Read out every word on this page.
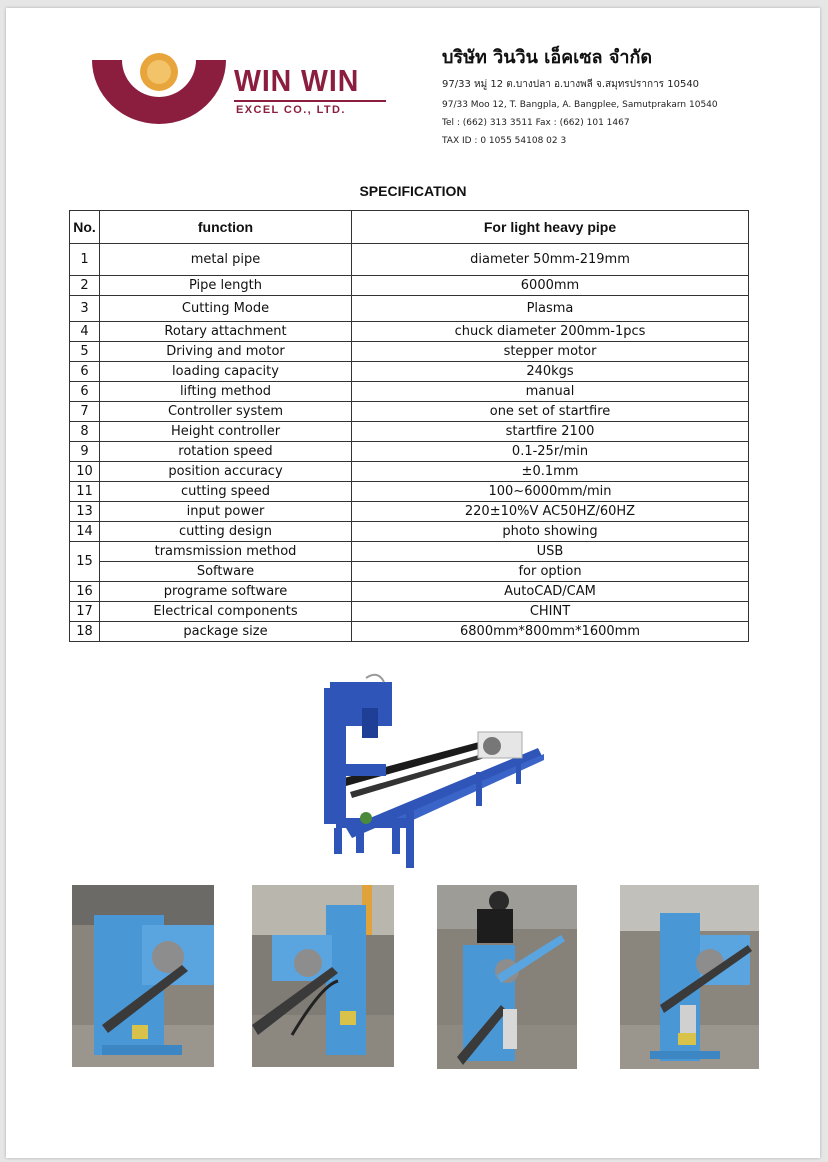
WIN WIN
EXCEL CO., LTD.
บริษัท วินวิน เอ็คเซล จำกัด
97/33 หมู่ 12 ต.บางปลา อ.บางพลี จ.สมุทรปราการ 10540
97/33 Moo 12, T. Bangpla, A. Bangplee, Samutprakarn 10540
Tel : (662) 313 3511 Fax : (662) 101 1467
TAX ID : 0 1055 54108 02 3
SPECIFICATION
No.	function	For light heavy pipe
1	metal pipe	diameter 50mm-219mm
2	Pipe length	6000mm
3	Cutting Mode	Plasma
4	Rotary attachment	chuck diameter 200mm-1pcs
5	Driving and motor	stepper motor
6	loading capacity	240kgs
6	lifting method	manual
7	Controller system	one set of startfire
8	Height controller	startfire 2100
9	rotation speed	0.1-25r/min
10	position accuracy	±0.1mm
11	cutting speed	100~6000mm/min
13	input power	220±10%V AC50HZ/60HZ
14	cutting design	photo showing
15	tramsmission method	USB
	Software	for option
16	programe software	AutoCAD/CAM
17	Electrical components	CHINT
18	package size	6800mm*800mm*1600mm
